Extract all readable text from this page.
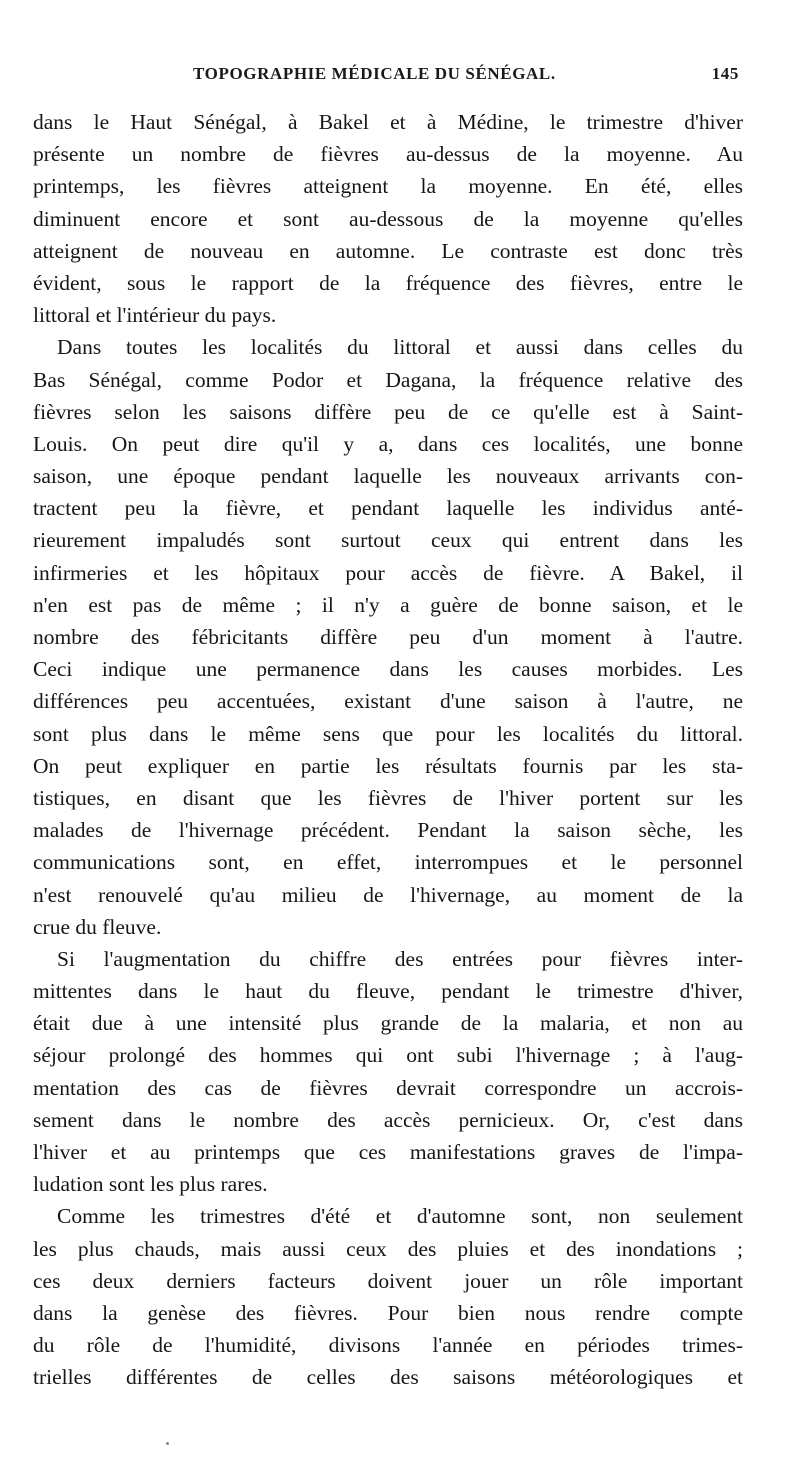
TOPOGRAPHIE MÉDICALE DU SÉNÉGAL.	145
dans le Haut Sénégal, à Bakel et à Médine, le trimestre d'hiver
présente un nombre de fièvres au-dessus de la moyenne. Au
printemps, les fièvres atteignent la moyenne. En été, elles
diminuent encore et sont au-dessous de la moyenne qu'elles
atteignent de nouveau en automne. Le contraste est donc très
évident, sous le rapport de la fréquence des fièvres, entre le
littoral et l'intérieur du pays.
Dans toutes les localités du littoral et aussi dans celles du
Bas Sénégal, comme Podor et Dagana, la fréquence relative des
fièvres selon les saisons diffère peu de ce qu'elle est à Saint-
Louis. On peut dire qu'il y a, dans ces localités, une bonne
saison, une époque pendant laquelle les nouveaux arrivants con-
tractent peu la fièvre, et pendant laquelle les individus anté-
rieurement impaludés sont surtout ceux qui entrent dans les
infirmeries et les hôpitaux pour accès de fièvre. A Bakel, il
n'en est pas de même ; il n'y a guère de bonne saison, et le
nombre des fébricitants diffère peu d'un moment à l'autre.
Ceci indique une permanence dans les causes morbides. Les
différences peu accentuées, existant d'une saison à l'autre, ne
sont plus dans le même sens que pour les localités du littoral.
On peut expliquer en partie les résultats fournis par les sta-
tistiques, en disant que les fièvres de l'hiver portent sur les
malades de l'hivernage précédent. Pendant la saison sèche, les
communications sont, en effet, interrompues et le personnel
n'est renouvelé qu'au milieu de l'hivernage, au moment de la
crue du fleuve.
Si l'augmentation du chiffre des entrées pour fièvres inter-
mittentes dans le haut du fleuve, pendant le trimestre d'hiver,
était due à une intensité plus grande de la malaria, et non au
séjour prolongé des hommes qui ont subi l'hivernage ; à l'aug-
mentation des cas de fièvres devrait correspondre un accrois-
sement dans le nombre des accès pernicieux. Or, c'est dans
l'hiver et au printemps que ces manifestations graves de l'impa-
ludation sont les plus rares.
Comme les trimestres d'été et d'automne sont, non seulement
les plus chauds, mais aussi ceux des pluies et des inondations ;
ces deux derniers facteurs doivent jouer un rôle important
dans la genèse des fièvres. Pour bien nous rendre compte
du rôle de l'humidité, divisons l'année en périodes trimes-
trielles différentes de celles des saisons météorologiques et
